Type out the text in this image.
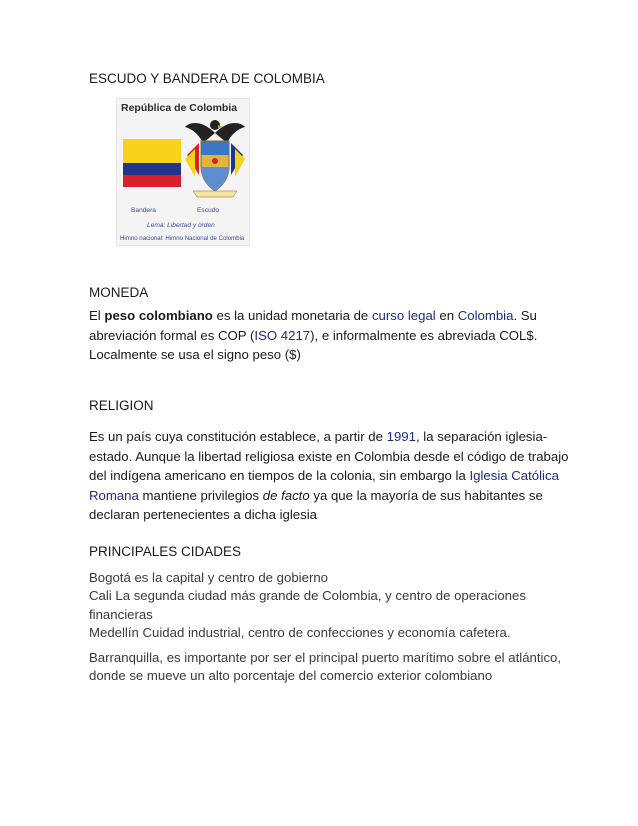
ESCUDO Y BANDERA DE COLOMBIA
República de Colombia
Bandera	Escudo
Lema: Libertad y orden
Himno nacional: Himno Nacional de Colombia
MONEDA
El peso colombiano es la unidad monetaria de curso legal en Colombia. Su
abreviación formal es COP (ISO 4217), e informalmente es abreviada COL$.
Localmente se usa el signo peso ($)
RELIGION
Es un país cuya constitución establece, a partir de 1991, la separación iglesia-
estado. Aunque la libertad religiosa existe en Colombia desde el código de trabajo
del indígena americano en tiempos de la colonia, sin embargo la Iglesia Católica
Romana mantiene privilegios de facto ya que la mayoría de sus habitantes se
declaran pertenecientes a dicha iglesia
PRINCIPALES CIDADES
Bogotá es la capital y centro de gobierno
Cali La segunda ciudad más grande de Colombia, y centro de operaciones
financieras
Medellín Cuidad industrial, centro de confecciones y economía cafetera.
Barranquilla, es importante por ser el principal puerto marítimo sobre el atlántico,
donde se mueve un alto porcentaje del comercio exterior colombiano
